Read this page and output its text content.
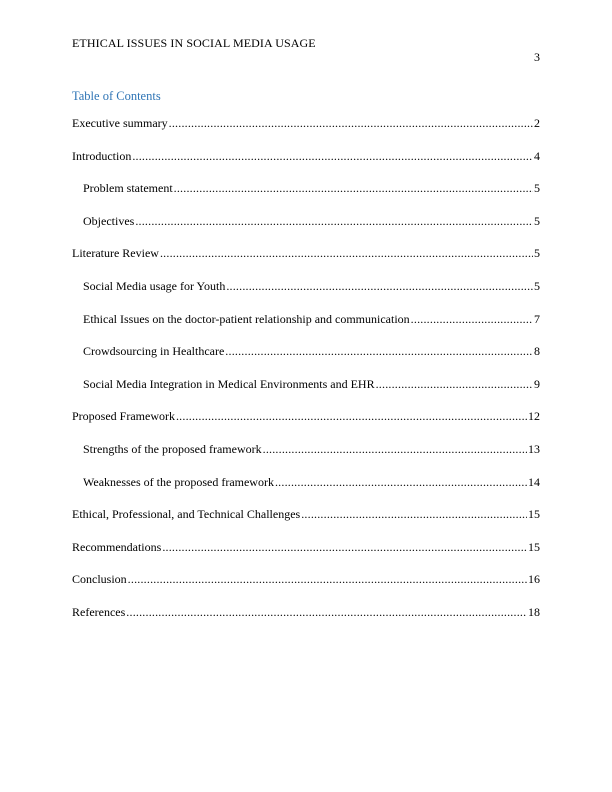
ETHICAL ISSUES IN SOCIAL MEDIA USAGE
3
Table of Contents
Executive summary .....	2
Introduction .....	4
Problem statement .....	5
Objectives .....	5
Literature Review .....	5
Social Media usage for Youth .....	5
Ethical Issues on the doctor-patient relationship and communication .....	7
Crowdsourcing in Healthcare .....	8
Social Media Integration in Medical Environments and EHR .....	9
Proposed Framework .....	12
Strengths of the proposed framework .....	13
Weaknesses of the proposed framework .....	14
Ethical, Professional, and Technical Challenges .....	15
Recommendations .....	15
Conclusion .....	16
References .....	18
